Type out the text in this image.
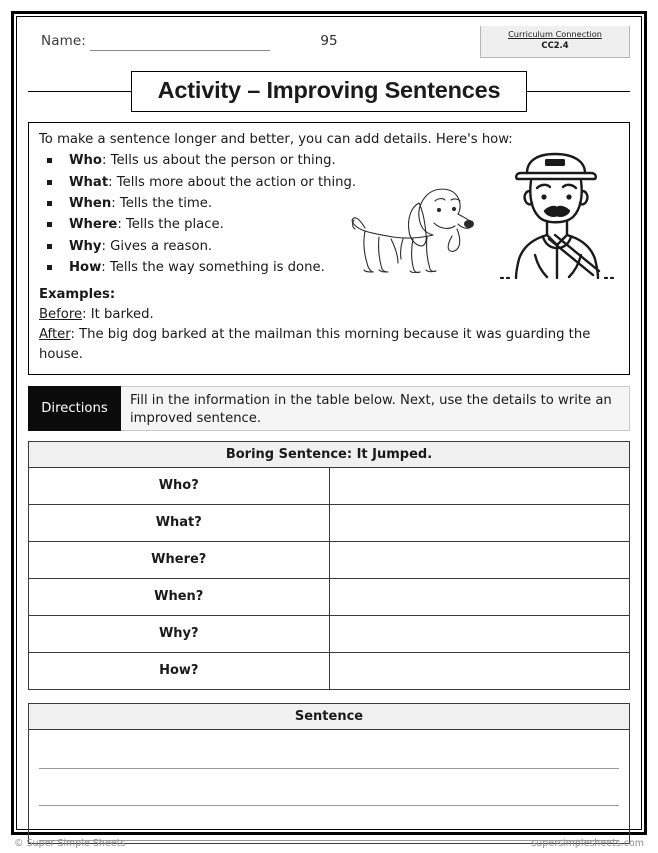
Name:	95	Curriculum Connection
CC2.4
Activity – Improving Sentences
To make a sentence longer and better, you can add details. Here's how:
Who: Tells us about the person or thing.
What: Tells more about the action or thing.
When: Tells the time.
Where: Tells the place.
Why: Gives a reason.
How: Tells the way something is done.
Examples:
Before: It barked.
After: The big dog barked at the mailman this morning because it was guarding the house.
Directions
Fill in the information in the table below. Next, use the details to write an improved sentence.
Boring Sentence: It Jumped.	
Who?	
What?	
Where?	
When?	
Why?	
How?	
Sentence

© Super Simple Sheets	supersimplesheets.com
